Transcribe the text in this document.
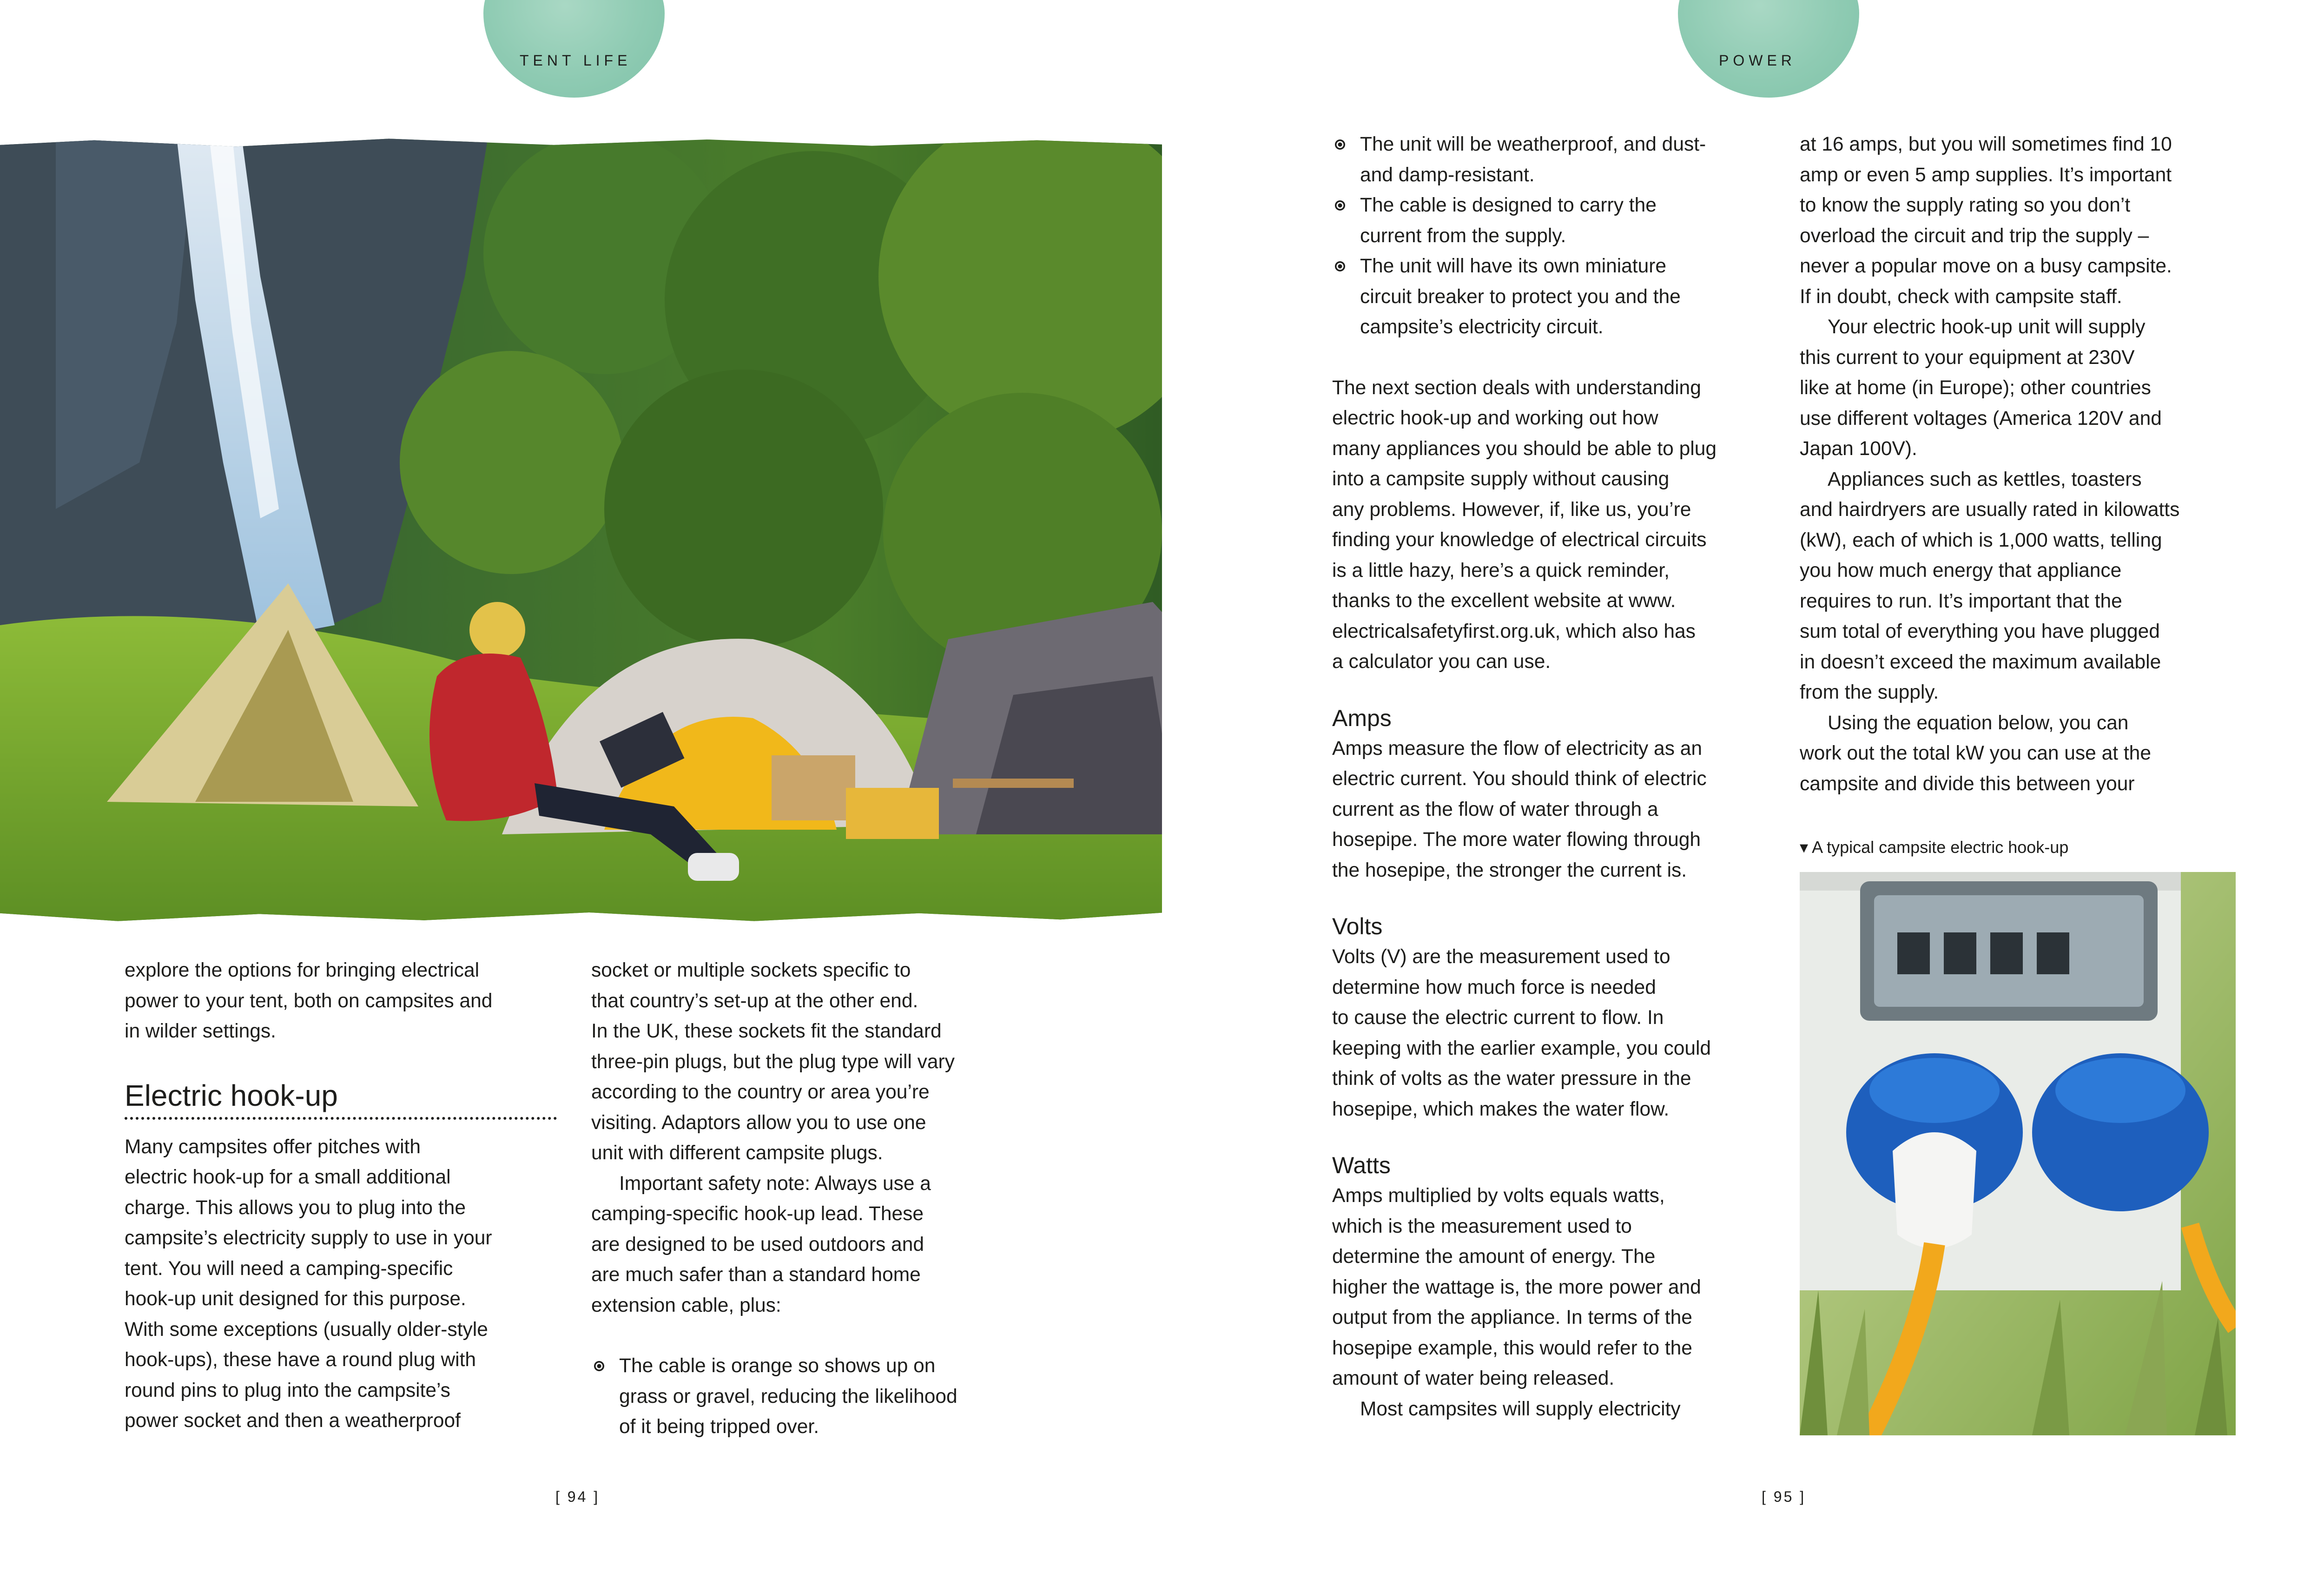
TENT LIFE

explore the options for bringing electrical

power to your tent, both on campsites and

in wilder settings.

Electric hook-up

Many campsites offer pitches with

electric hook-up for a small additional

charge. This allows you to plug into the

campsite’s electricity supply to use in your

tent. You will need a camping-specific

hook-up unit designed for this purpose.

With some exceptions (usually older-style

hook-ups), these have a round plug with

round pins to plug into the campsite’s

power socket and then a weatherproof

socket or multiple sockets specific to

that country’s set-up at the other end.

In the UK, these sockets fit the standard

three-pin plugs, but the plug type will vary

according to the country or area you’re

visiting. Adaptors allow you to use one

unit with different campsite plugs.

Important safety note: Always use a

camping-specific hook-up lead. These

are designed to be used outdoors and

are much safer than a standard home

extension cable, plus:

The cable is orange so shows up on
grass or gravel, reducing the likelihood
of it being tripped over.
[ 94 ]
POWER
The unit will be weatherproof, and dust-
and damp-resistant.
The cable is designed to carry the
current from the supply.
The unit will have its own miniature
circuit breaker to protect you and the
campsite’s electricity circuit.

The next section deals with understanding

electric hook-up and working out how

many appliances you should be able to plug

into a campsite supply without causing

any problems. However, if, like us, you’re

finding your knowledge of electrical circuits

is a little hazy, here’s a quick reminder,

thanks to the excellent website at www.

electricalsafetyfirst.org.uk, which also has

a calculator you can use.

Amps

Amps measure the flow of electricity as an

electric current. You should think of electric

current as the flow of water through a

hosepipe. The more water flowing through

the hosepipe, the stronger the current is.

Volts

Volts (V) are the measurement used to

determine how much force is needed

to cause the electric current to flow. In

keeping with the earlier example, you could

think of volts as the water pressure in the

hosepipe, which makes the water flow.

Watts

Amps multiplied by volts equals watts,

which is the measurement used to

determine the amount of energy. The

higher the wattage is, the more power and

output from the appliance. In terms of the

hosepipe example, this would refer to the

amount of water being released.

Most campsites will supply electricity

at 16 amps, but you will sometimes find 10

amp or even 5 amp supplies. It’s important

to know the supply rating so you don’t

overload the circuit and trip the supply –

never a popular move on a busy campsite.

If in doubt, check with campsite staff.

Your electric hook-up unit will supply

this current to your equipment at 230V

like at home (in Europe); other countries

use different voltages (America 120V and

Japan 100V).

Appliances such as kettles, toasters

and hairdryers are usually rated in kilowatts

(kW), each of which is 1,000 watts, telling

you how much energy that appliance

requires to run. It’s important that the

sum total of everything you have plugged

in doesn’t exceed the maximum available

from the supply.

Using the equation below, you can

work out the total kW you can use at the

campsite and divide this between your

▾ A typical campsite electric hook-up
[ 95 ]
